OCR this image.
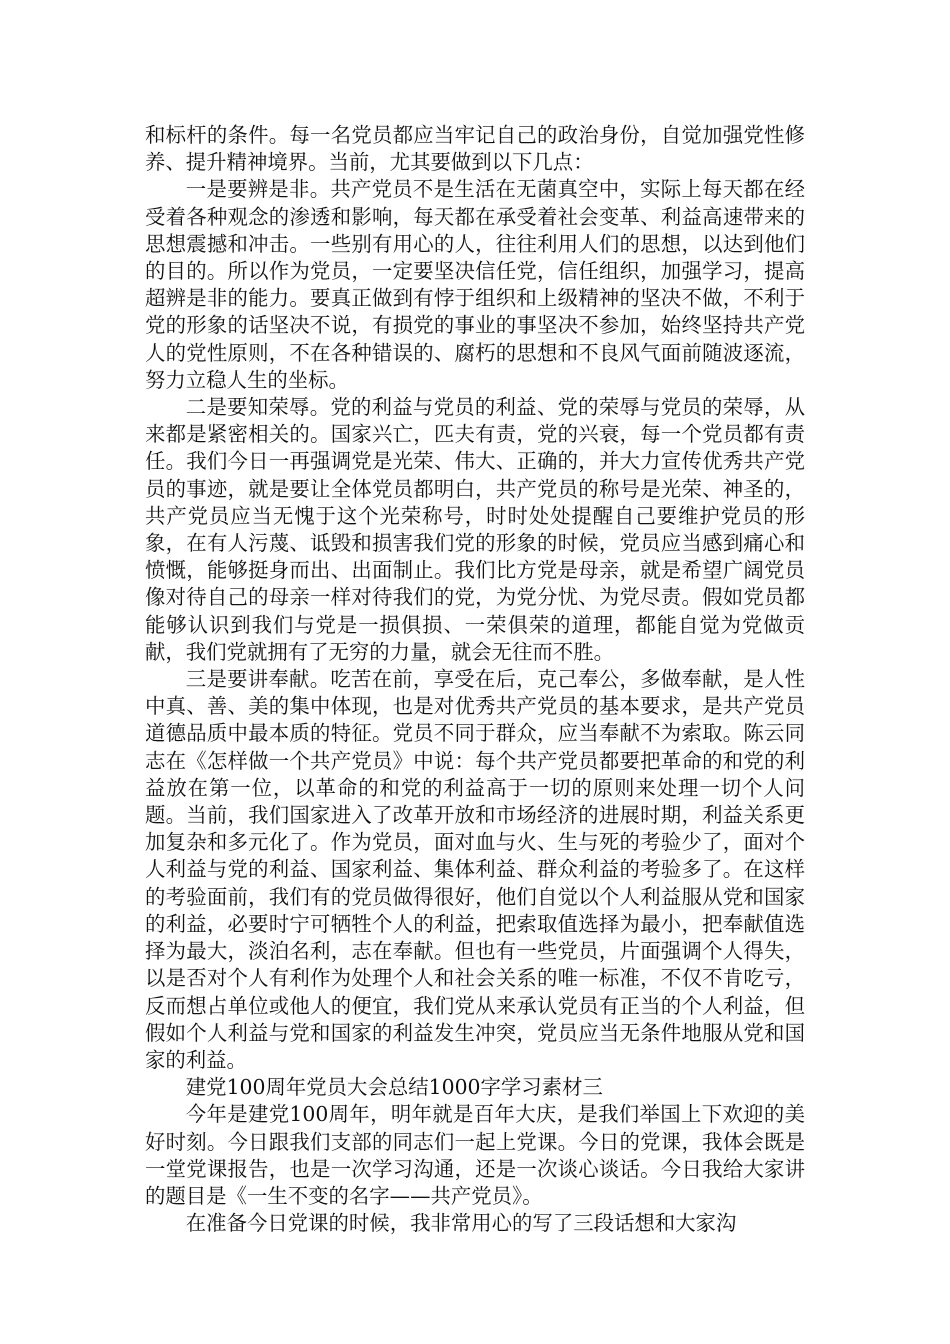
和标杆的条件。每一名党员都应当牢记自己的政治身份，自觉加强党性修养、提升精神境界。当前，尤其要做到以下几点：

一是要辨是非。共产党员不是生活在无菌真空中，实际上每天都在经受着各种观念的渗透和影响，每天都在承受着社会变革、利益高速带来的思想震撼和冲击。一些别有用心的人，往往利用人们的思想，以达到他们的目的。所以作为党员，一定要坚决信任党，信任组织，加强学习，提高超辨是非的能力。要真正做到有悖于组织和上级精神的坚决不做，不利于党的形象的话坚决不说，有损党的事业的事坚决不参加，始终坚持共产党人的党性原则，不在各种错误的、腐朽的思想和不良风气面前随波逐流，努力立稳人生的坐标。

二是要知荣辱。党的利益与党员的利益、党的荣辱与党员的荣辱，从来都是紧密相关的。国家兴亡，匹夫有责，党的兴衰，每一个党员都有责任。我们今日一再强调党是光荣、伟大、正确的，并大力宣传优秀共产党员的事迹，就是要让全体党员都明白，共产党员的称号是光荣、神圣的，共产党员应当无愧于这个光荣称号，时时处处提醒自己要维护党员的形象，在有人污蔑、诋毁和损害我们党的形象的时候，党员应当感到痛心和愤慨，能够挺身而出、出面制止。我们比方党是母亲，就是希望广阔党员像对待自己的母亲一样对待我们的党，为党分忧、为党尽责。假如党员都能够认识到我们与党是一损俱损、一荣俱荣的道理，都能自觉为党做贡献，我们党就拥有了无穷的力量，就会无往而不胜。

三是要讲奉献。吃苦在前，享受在后，克己奉公，多做奉献，是人性中真、善、美的集中体现，也是对优秀共产党员的基本要求，是共产党员道德品质中最本质的特征。党员不同于群众，应当奉献不为索取。陈云同志在《怎样做一个共产党员》中说：每个共产党员都要把革命的和党的利益放在第一位，以革命的和党的利益高于一切的原则来处理一切个人问题。当前，我们国家进入了改革开放和市场经济的进展时期，利益关系更加复杂和多元化了。作为党员，面对血与火、生与死的考验少了，面对个人利益与党的利益、国家利益、集体利益、群众利益的考验多了。在这样的考验面前，我们有的党员做得很好，他们自觉以个人利益服从党和国家的利益，必要时宁可牺牲个人的利益，把索取值选择为最小，把奉献值选择为最大，淡泊名利，志在奉献。但也有一些党员，片面强调个人得失，以是否对个人有利作为处理个人和社会关系的唯一标准，不仅不肯吃亏，反而想占单位或他人的便宜，我们党从来承认党员有正当的个人利益，但假如个人利益与党和国家的利益发生冲突，党员应当无条件地服从党和国家的利益。

建党100周年党员大会总结1000字学习素材三

今年是建党100周年，明年就是百年大庆，是我们举国上下欢迎的美好时刻。今日跟我们支部的同志们一起上党课。今日的党课，我体会既是一堂党课报告，也是一次学习沟通，还是一次谈心谈话。今日我给大家讲的题目是《一生不变的名字——共产党员》。

在准备今日党课的时候，我非常用心的写了三段话想和大家沟
